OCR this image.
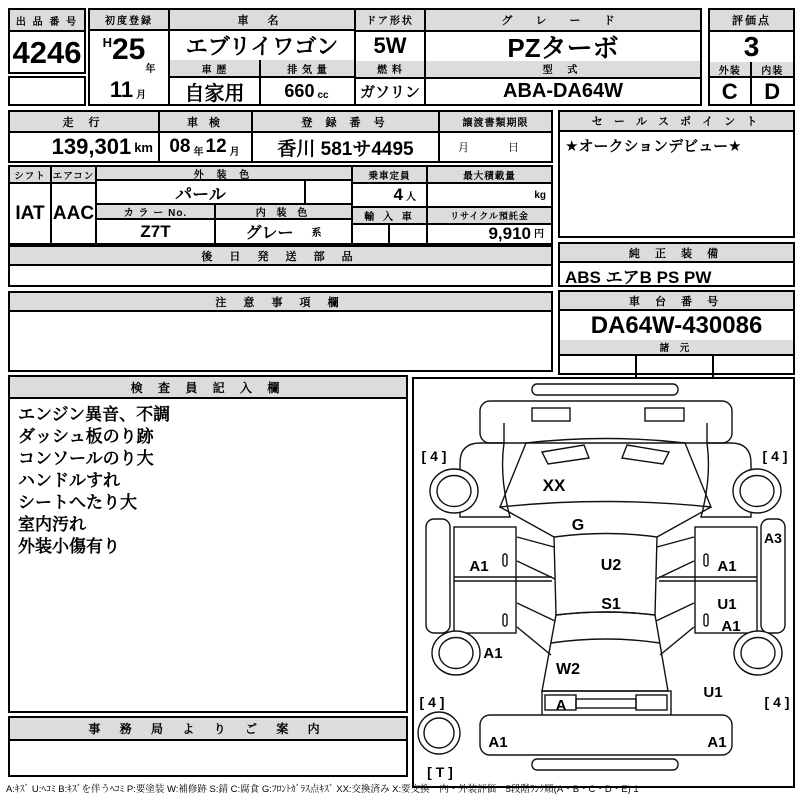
出 品 番 号
4246
初度登録
H 25
年
11 月
車 名
エブリイワゴン
車 歴
自家用
排 気 量
660 cc
ドア形状
5W
燃 料
ガソリン
グ レ ー ド
PZターボ
型 式
ABA-DA64W
評価点
3
外装	内装
C	D
走 行
139,301 km
車 検
08 年 12 月
登 録 番 号
香川 581サ4495
譲渡書類期限
月　日
セ ー ル ス ポ イ ン ト
★オークションデビュー★
シフト
IAT
エアコン
AAC
外 装 色
パール
カ ラ ー No.	内 装 色
Z7T	グレー 系
乗車定員
4 人
輸 入 車
最大積載量
kg
リサイクル預託金
9,910 円
後 日 発 送 部 品
注 意 事 項 欄
純 正 装 備
ABS エアB PS PW
車 台 番 号
DA64W-430086
諸 元
検 査 員 記 入 欄
エンジン異音、不調
ダッシュ板のり跡
コンソールのり大
ハンドルすれ
シートへたり大
室内汚れ
外装小傷有り
事 務 局 よ り ご 案 内
XX
G
U2
S1
W2
A
A1
A1
A1
U1
A1
A3
U1
A1	A1
[ 4 ]	[ 4 ]
[ 4 ]	[ 4 ]
[ T ]
A:ｷｽﾞ U:ﾍｺﾐ B:ｷｽﾞを伴うﾍｺﾐ P:要塗装 W:補修跡 S:錆 C:腐食 G:ﾌﾛﾝﾄｶﾞﾗｽ点ｷｽﾞ XX:交換済み X:要交換　内・外装評価　5段階ﾗﾝｸ順(A・B・C・D・E) 1
